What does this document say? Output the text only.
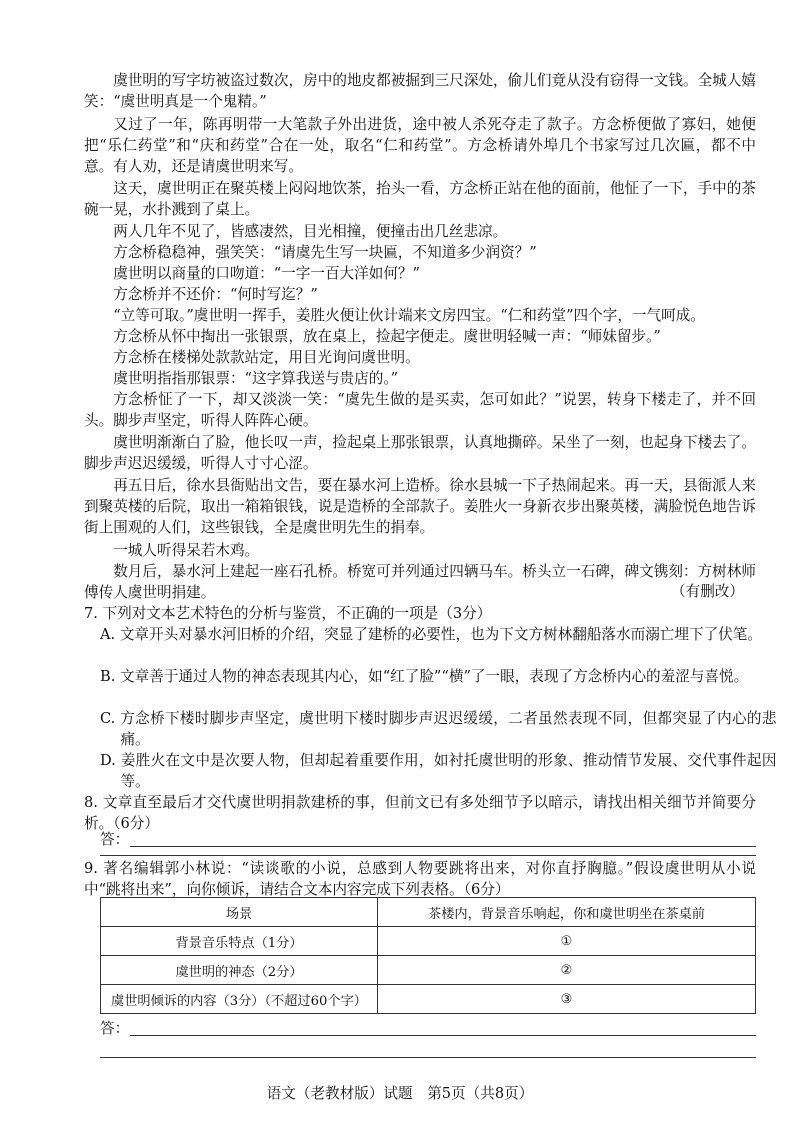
虞世明的写字坊被盗过数次，房中的地皮都被掘到三尺深处，偷儿们竟从没有窃得一文钱。全城人嬉笑：“虞世明真是一个鬼精。”

又过了一年，陈再明带一大笔款子外出进货，途中被人杀死夺走了款子。方念桥便做了寡妇，她便把“乐仁药堂”和“庆和药堂”合在一处，取名“仁和药堂”。方念桥请外埠几个书家写过几次匾，都不中意。有人劝，还是请虞世明来写。

这天，虞世明正在聚英楼上闷闷地饮茶，抬头一看，方念桥正站在他的面前，他怔了一下，手中的茶碗一晃，水扑溅到了桌上。

两人几年不见了，皆感凄然，目光相撞，便撞击出几丝悲凉。

方念桥稳稳神，强笑笑：“请虞先生写一块匾，不知道多少润资？”

虞世明以商量的口吻道：“一字一百大洋如何？”

方念桥并不还价：“何时写迄？”

“立等可取。”虞世明一挥手，姜胜火便让伙计端来文房四宝。“仁和药堂”四个字，一气呵成。

方念桥从怀中掏出一张银票，放在桌上，捡起字便走。虞世明轻喊一声：“师妹留步。”

方念桥在楼梯处款款站定，用目光询问虞世明。

虞世明指指那银票：“这字算我送与贵店的。”

方念桥怔了一下，却又淡淡一笑：“虞先生做的是买卖，怎可如此？”说罢，转身下楼走了，并不回头。脚步声坚定，听得人阵阵心硬。

虞世明渐渐白了脸，他长叹一声，捡起桌上那张银票，认真地撕碎。呆坐了一刻，也起身下楼去了。脚步声迟迟缓缓，听得人寸寸心涩。

再五日后，徐水县衙贴出文告，要在暴水河上造桥。徐水县城一下子热闹起来。再一天，县衙派人来到聚英楼的后院，取出一箱箱银钱，说是造桥的全部款子。姜胜火一身新衣步出聚英楼，满脸悦色地告诉街上围观的人们，这些银钱，全是虞世明先生的捐奉。

一城人听得呆若木鸡。

数月后，暴水河上建起一座石孔桥。桥宽可并列通过四辆马车。桥头立一石碑，碑文镌刻：方树林师傅传人虞世明捐建。	（有删改）

7. 下列对文本艺术特色的分析与鉴赏，不正确的一项是（3分）

A. 文章开头对暴水河旧桥的介绍，突显了建桥的必要性，也为下文方树林翻船落水而溺亡埋下了伏笔。

B. 文章善于通过人物的神态表现其内心，如“红了脸”“横”了一眼，表现了方念桥内心的羞涩与喜悦。

C. 方念桥下楼时脚步声坚定，虞世明下楼时脚步声迟迟缓缓，二者虽然表现不同，但都突显了内心的悲痛。

D. 姜胜火在文中是次要人物，但却起着重要作用，如衬托虞世明的形象、推动情节发展、交代事件起因等。

8. 文章直至最后才交代虞世明捐款建桥的事，但前文已有多处细节予以暗示，请找出相关细节并简要分析。（6分）

答：

9. 著名编辑郭小林说：“读谈歌的小说，总感到人物要跳将出来，对你直抒胸臆。”假设虞世明从小说中“跳将出来”，向你倾诉，请结合文本内容完成下列表格。（6分）

场景	茶楼内，背景音乐响起，你和虞世明坐在茶桌前
背景音乐特点（1分）	①
虞世明的神态（2分）	②
虞世明倾诉的内容（3分）（不超过60个字）	③
答：
语文（老教材版）试题　第5页（共8页）
